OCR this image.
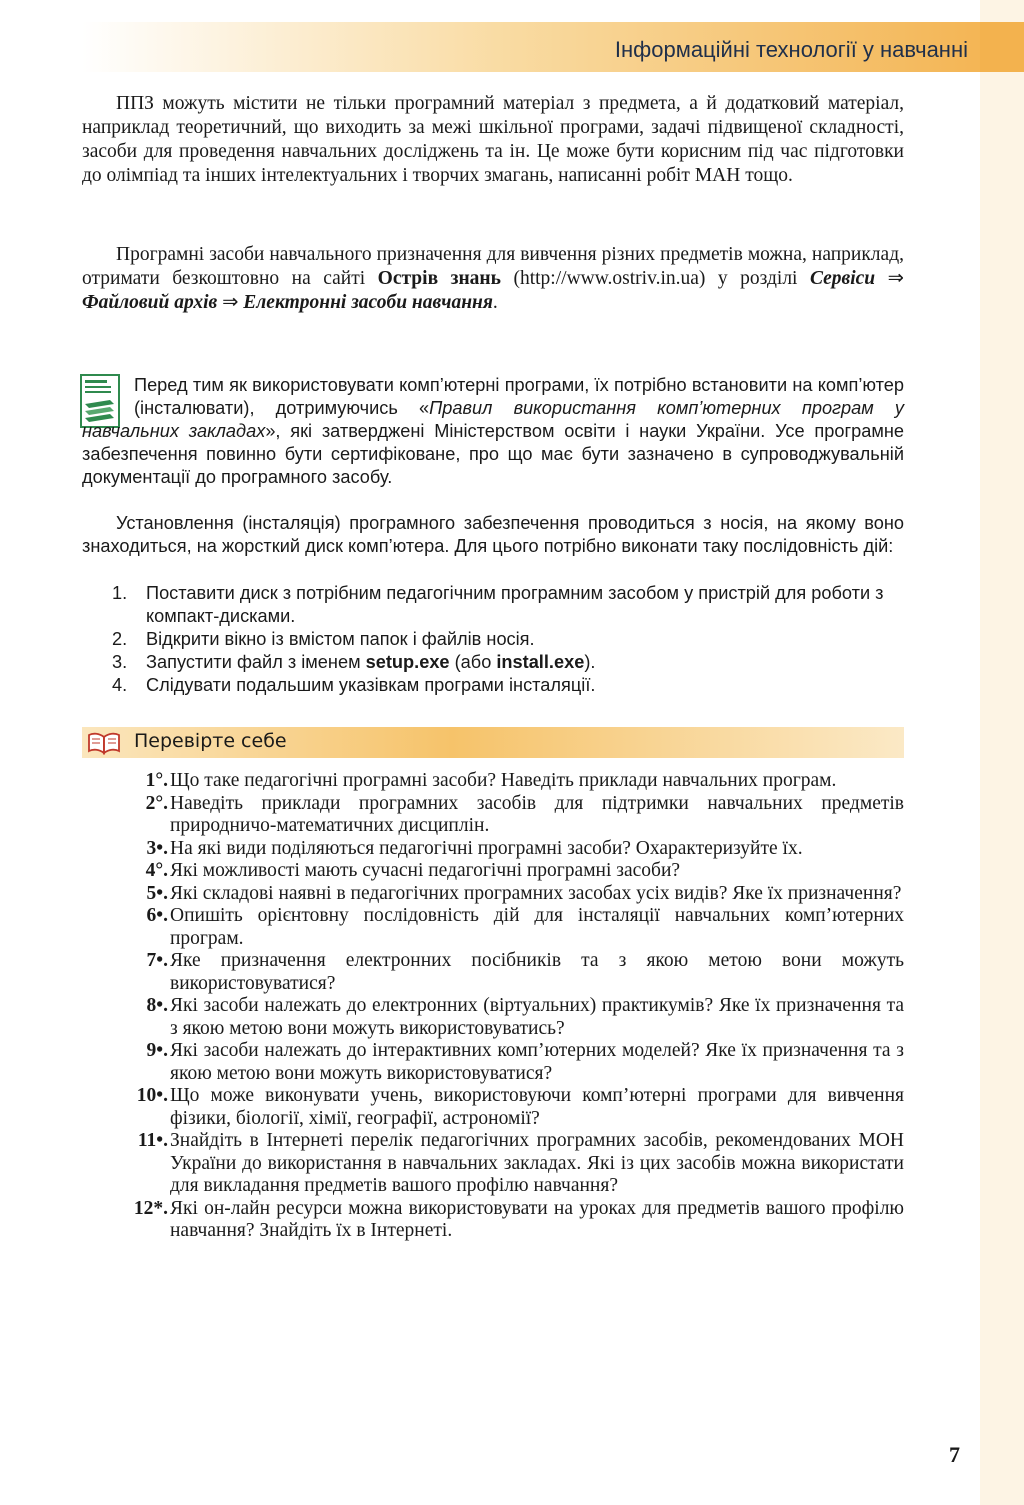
Інформаційні технології у навчанні

ППЗ можуть містити не тільки програмний матеріал з предмета, а й додатковий матеріал, наприклад теоретичний, що виходить за межі шкільної програми, задачі підвищеної складності, засоби для проведення навчальних досліджень та ін. Це може бути корисним під час підготовки до олімпіад та інших інтелектуальних і творчих змагань, написанні робіт МАН тощо.

Програмні засоби навчального призначення для вивчення різних предметів можна, наприклад, отримати безкоштовно на сайті Острів знань (http://www.ostriv.in.ua) у розділі Сервіси ⇒ Файловий архів ⇒ Електронні засоби навчання.

Перед тим як використовувати комп’ютерні програми, їх потрібно встановити на комп’ютер (інсталювати), дотримуючись «Правил використання комп’ютерних програм у навчальних закладах», які затверджені Міністерством освіти і науки України. Усе програмне забезпечення повинно бути сертифіковане, про що має бути зазначено в супроводжувальній документації до програмного засобу.

Установлення (інсталяція) програмного забезпечення проводиться з носія, на якому воно знаходиться, на жорсткий диск комп’ютера. Для цього потрібно виконати таку послідовність дій:

1. Поставити диск з потрібним педагогічним програмним засобом у пристрій для роботи з компакт-дисками.
2. Відкрити вікно із вмістом папок і файлів носія.
3. Запустити файл з іменем setup.exe (або install.exe).
4. Слідувати подальшим указівкам програми інсталяції.
Перевірте себе
1°. Що таке педагогічні програмні засоби? Наведіть приклади навчальних програм.
2°. Наведіть приклади програмних засобів для підтримки навчальних предметів природничо-математичних дисциплін.
3•. На які види поділяються педагогічні програмні засоби? Охарактеризуйте їх.
4°. Які можливості мають сучасні педагогічні програмні засоби?
5•. Які складові наявні в педагогічних програмних засобах усіх видів? Яке їх призначення?
6•. Опишіть орієнтовну послідовність дій для інсталяції навчальних комп’ютерних програм.
7•. Яке призначення електронних посібників та з якою метою вони можуть використовуватися?
8•. Які засоби належать до електронних (віртуальних) практикумів? Яке їх призначення та з якою метою вони можуть використовуватись?
9•. Які засоби належать до інтерактивних комп’ютерних моделей? Яке їх призначення та з якою метою вони можуть використовуватися?
10•. Що може виконувати учень, використовуючи комп’ютерні програми для вивчення фізики, біології, хімії, географії, астрономії?
11•. Знайдіть в Інтернеті перелік педагогічних програмних засобів, рекомендованих МОН України до використання в навчальних закладах. Які із цих засобів можна використати для викладання предметів вашого профілю навчання?
12*. Які он-лайн ресурси можна використовувати на уроках для предметів вашого профілю навчання? Знайдіть їх в Інтернеті.
7
